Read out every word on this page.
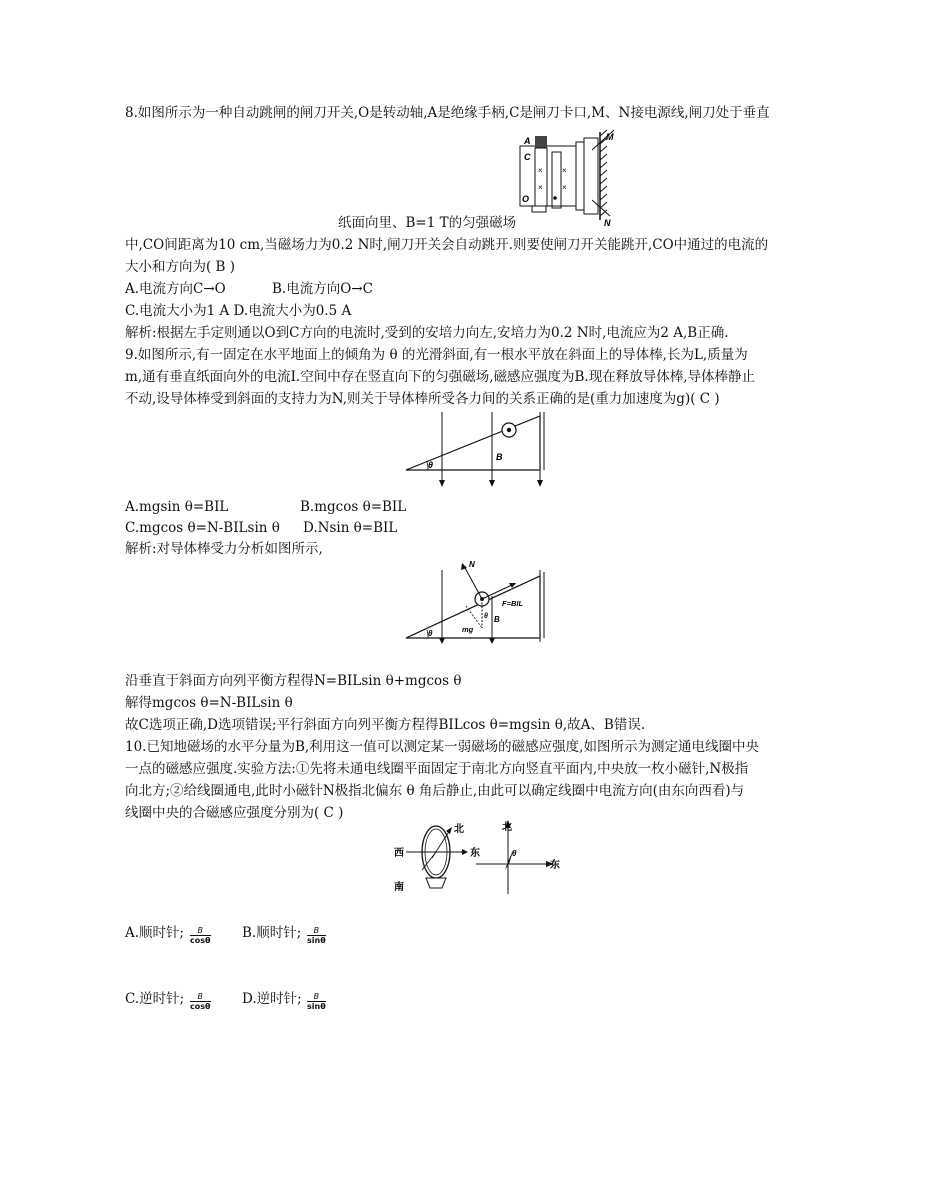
8.如图所示为一种自动跳闸的闸刀开关,O是转动轴,A是绝缘手柄,C是闸刀卡口,M、N接电源线,闸刀处于垂直
×
×
×
×
A
C
O
M
N
纸面向里、B=1 T的匀强磁场
中,CO间距离为10 cm,当磁场力为0.2 N时,闸刀开关会自动跳开.则要使闸刀开关能跳开,CO中通过的电流的
大小和方向为( B )
A.电流方向C→O	B.电流方向O→C
C.电流大小为1 A D.电流大小为0.5 A
解析:根据左手定则通以O到C方向的电流时,受到的安培力向左,安培力为0.2 N时,电流应为2 A,B正确.
9.如图所示,有一固定在水平地面上的倾角为 θ 的光滑斜面,有一根水平放在斜面上的导体棒,长为L,质量为
m,通有垂直纸面向外的电流I.空间中存在竖直向下的匀强磁场,磁感应强度为B.现在释放导体棒,导体棒静止
不动,设导体棒受到斜面的支持力为N,则关于导体棒所受各力间的关系正确的是(重力加速度为g)( C )
θ
B
A.mgsin θ=BIL	B.mgcos θ=BIL
C.mgcos θ=N-BILsin θ D.Nsin θ=BIL
解析:对导体棒受力分析如图所示,
θ
N
F=BIL
mg
B
θ
沿垂直于斜面方向列平衡方程得N=BILsin θ+mgcos θ
解得mgcos θ=N-BILsin θ
故C选项正确,D选项错误;平行斜面方向列平衡方程得BILcos θ=mgsin θ,故A、B错误.
10.已知地磁场的水平分量为B,利用这一值可以测定某一弱磁场的磁感应强度,如图所示为测定通电线圈中央
一点的磁感应强度.实验方法:①先将未通电线圈平面固定于南北方向竖直平面内,中央放一枚小磁针,N极指
向北方;②给线圈通电,此时小磁针N极指北偏东 θ 角后静止,由此可以确定线圈中电流方向(由东向西看)与
线圈中央的合磁感应强度分别为( C )
北
西	东
南
北
东
θ
A.顺时针;	B
cosθ B.顺时针;	B
sinθ
C.逆时针;	B
cosθ D.逆时针;	B
sinθ
